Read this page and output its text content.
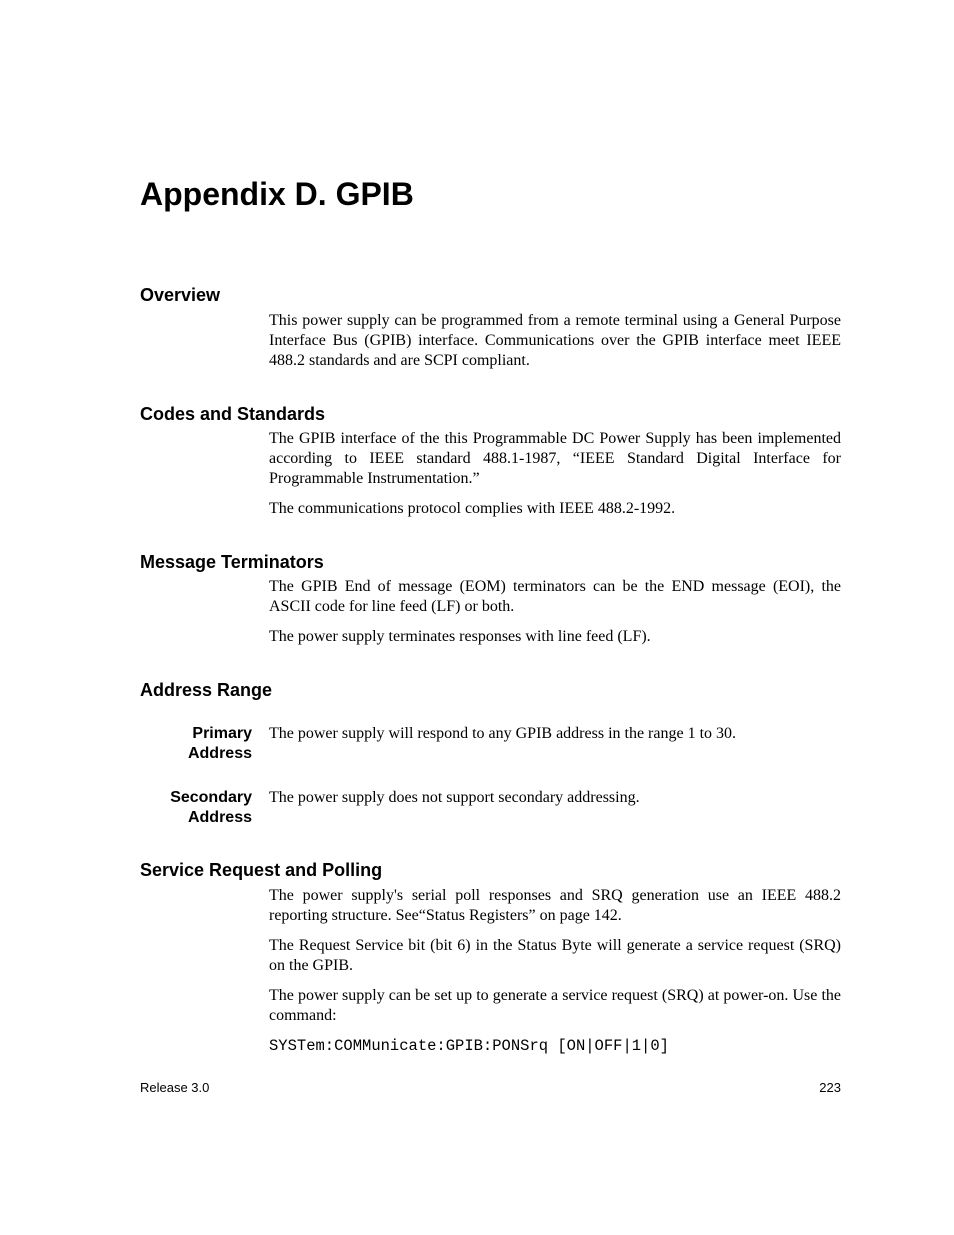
Appendix D. GPIB
Overview

This power supply can be programmed from a remote terminal using a General Purpose Interface Bus (GPIB) interface. Communications over the GPIB interface meet IEEE 488.2 standards and are SCPI compliant.

Codes and Standards

The GPIB interface of the this Programmable DC Power Supply has been implemented according to IEEE standard 488.1-1987, “IEEE Standard Digital Interface for Programmable Instrumentation.”

The communications protocol complies with IEEE 488.2-1992.

Message Terminators

The GPIB End of message (EOM) terminators can be the END message (EOI), the ASCII code for line feed (LF) or both.

The power supply terminates responses with line feed (LF).

Address Range
Primary
Address

The power supply will respond to any GPIB address in the range 1 to 30.

Secondary
Address

The power supply does not support secondary addressing.

Service Request and Polling

The power supply's serial poll responses and SRQ generation use an IEEE 488.2 reporting structure. See“Status Registers” on page 142.

The Request Service bit (bit 6) in the Status Byte will generate a service request (SRQ) on the GPIB.

The power supply can be set up to generate a service request (SRQ) at power-on. Use the command:

SYSTem:COMMunicate:GPIB:PONSrq [ON|OFF|1|0]

Release 3.0	223
